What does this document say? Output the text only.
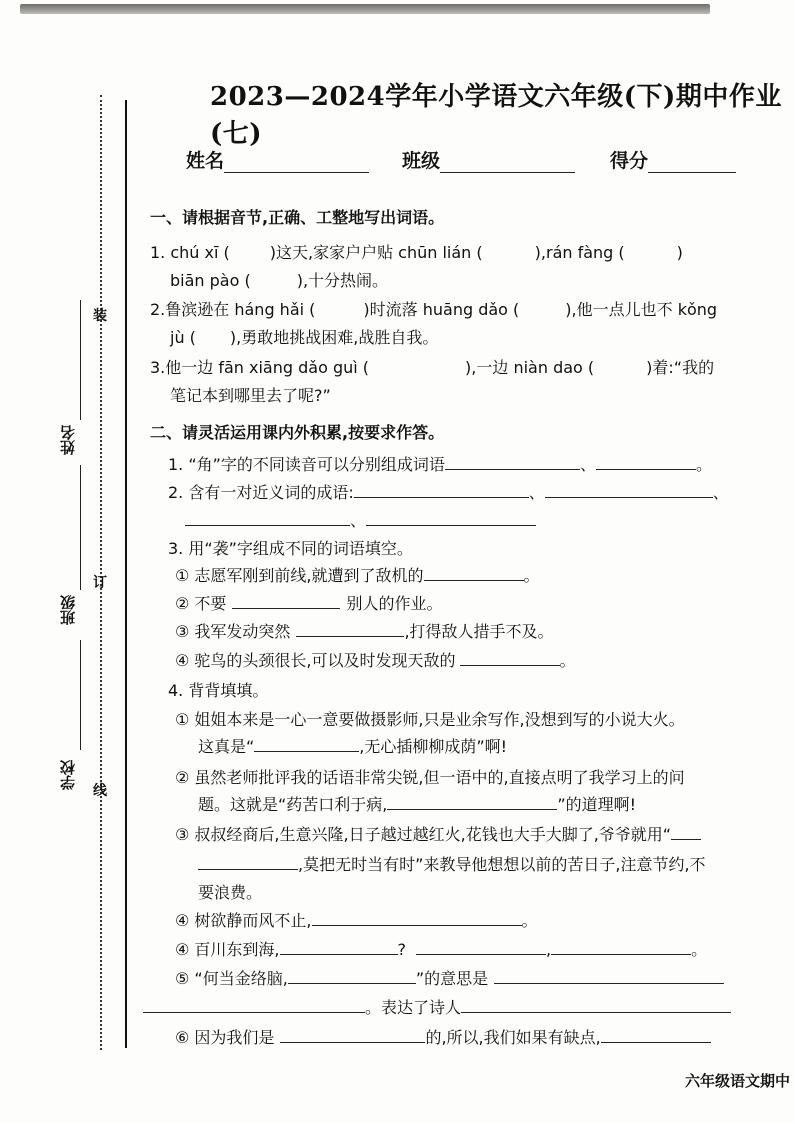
姓名
班级
学校
装
订
线
2023—2024学年小学语文六年级(下)期中作业(七)
姓名	班级	得分
一、请根据音节,正确、工整地写出词语。
1. chú xī (	)这天,家家户户贴 chūn lián (	),rán fàng (	)
biān pào (	),十分热闹。
2.鲁滨逊在 háng hǎi (	)时流落 huāng dǎo (	),他一点儿也不 kǒng
jù ( ),勇敢地挑战困难,战胜自我。
3.他一边 fān xiāng dǎo guì (	),一边 niàn dao (	)着:“我的
笔记本到哪里去了呢?”
二、请灵活运用课内外积累,按要求作答。
1. “角”字的不同读音可以分别组成词语	、	。
2. 含有一对近义词的成语:	、	、
、
3. 用“袭”字组成不同的词语填空。
① 志愿军刚到前线,就遭到了敌机的	。
② 不要	别人的作业。
③ 我军发动突然	,打得敌人措手不及。
④ 驼鸟的头颈很长,可以及时发现天敌的	。
4. 背背填填。
① 姐姐本来是一心一意要做摄影师,只是业余写作,没想到写的小说大火。
这真是“	,无心插柳柳成荫”啊!
② 虽然老师批评我的话语非常尖锐,但一语中的,直接点明了我学习上的问
题。这就是“药苦口利于病,	”的道理啊!
③ 叔叔经商后,生意兴隆,日子越过越红火,花钱也大手大脚了,爷爷就用“
,莫把无时当有时”来教导他想想以前的苦日子,注意节约,不
要浪费。
④ 树欲静而风不止,	。
④ 百川东到海,	?	,	。
⑤ “何当金络脑,	”的意思是
。表达了诗人
⑥ 因为我们是	的,所以,我们如果有缺点,
六年级语文期中
